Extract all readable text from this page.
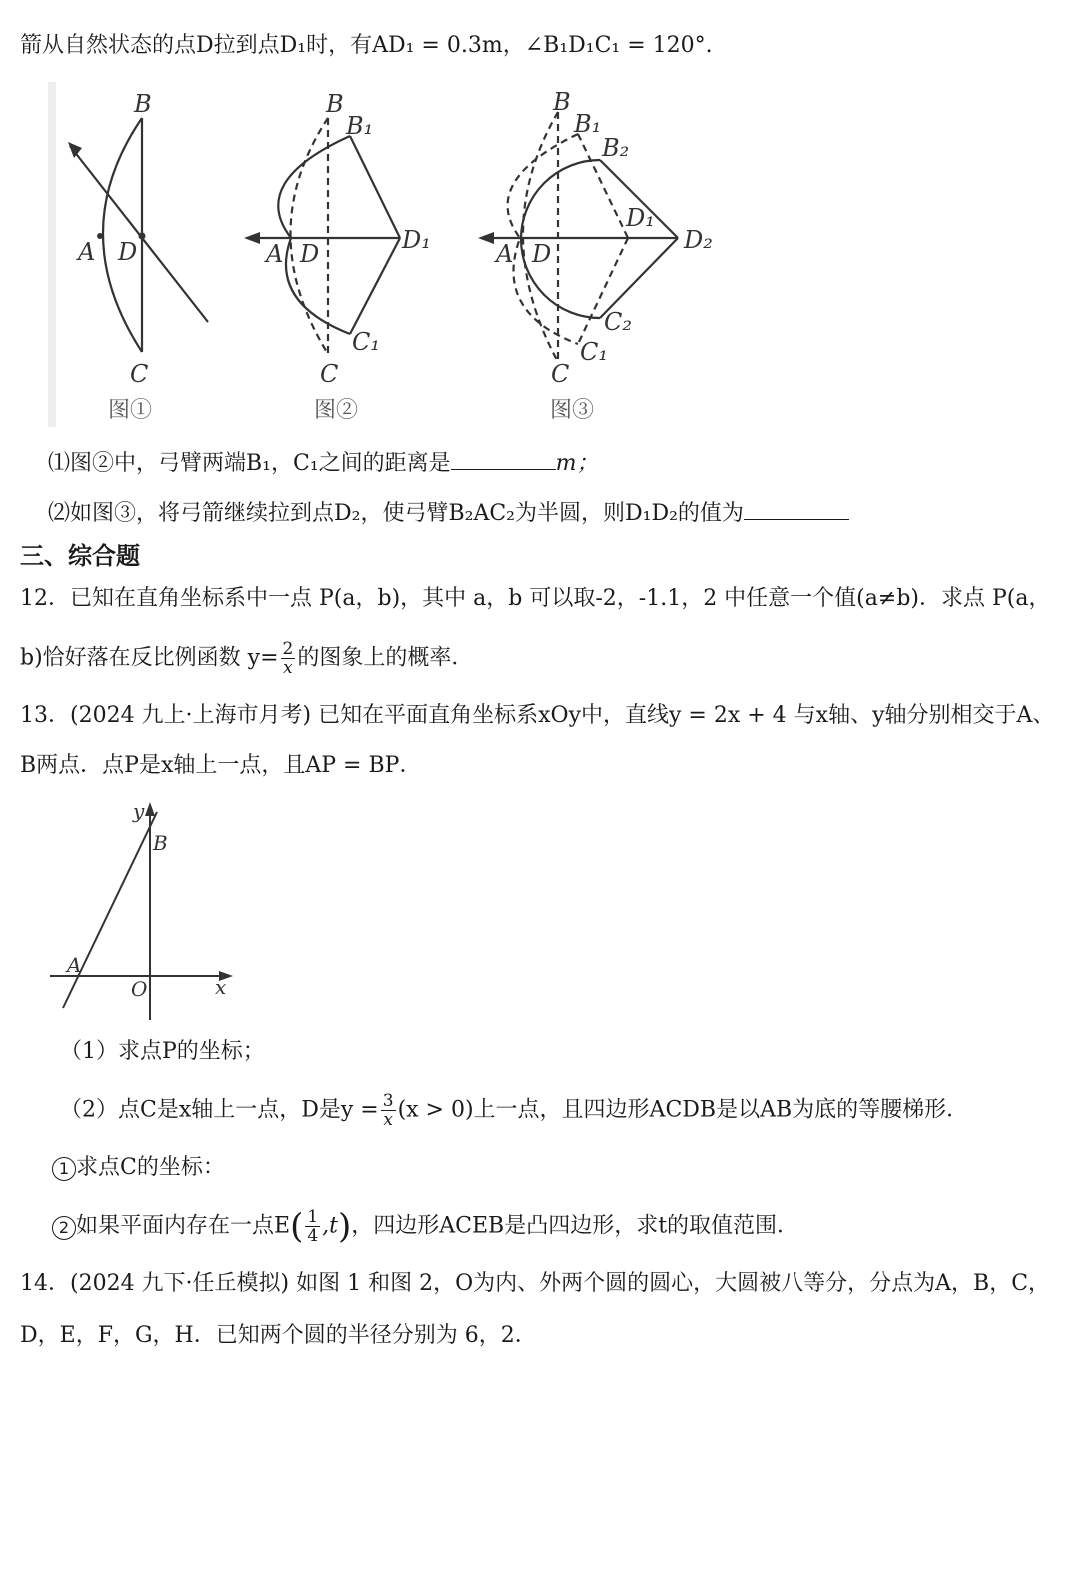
箭从自然状态的点D拉到点D₁时，有AD₁ = 0.3m，∠B₁D₁C₁ = 120°.
B
A D
C
图①
B
B₁
A D	D₁
C₁
C
图②
B
B₁
B₂
D₁
A D	D₂
C₂
C₁
C
图③
⑴图②中，弓臂两端B₁，C₁之间的距离是	m；
⑵如图③，将弓箭继续拉到点D₂，使弓臂B₂AC₂为半圆，则D₁D₂的值为
三、综合题
12．已知在直角坐标系中一点 P(a，b)，其中 a，b 可以取-2，-1.1，2 中任意一个值(a≠b)．求点 P(a，
b)恰好落在反比例函数 $y= \frac{2}{x}$ 的图象上的概率．
13．(2024 九上·上海市月考) 已知在平面直角坐标系xOy中，直线y = 2x + 4 与x轴、y轴分别相交于A、
B两点．点P是x轴上一点，且AP = BP．
y
B
A
O	x
（1）求点P的坐标；
（2）点C是x轴上一点，D是$y = \frac{3}{x} (x > 0)$上一点，且四边形ACDB是以AB为底的等腰梯形．
1 求点C的坐标：
2 如果平面内存在一点$E( \frac{1}{4} ,t)$，四边形ACEB是凸四边形，求t的取值范围．
14．(2024 九下·任丘模拟) 如图 1 和图 2，O为内、外两个圆的圆心，大圆被八等分，分点为A，B，C，
D，E，F，G，H．已知两个圆的半径分别为 6，2．
